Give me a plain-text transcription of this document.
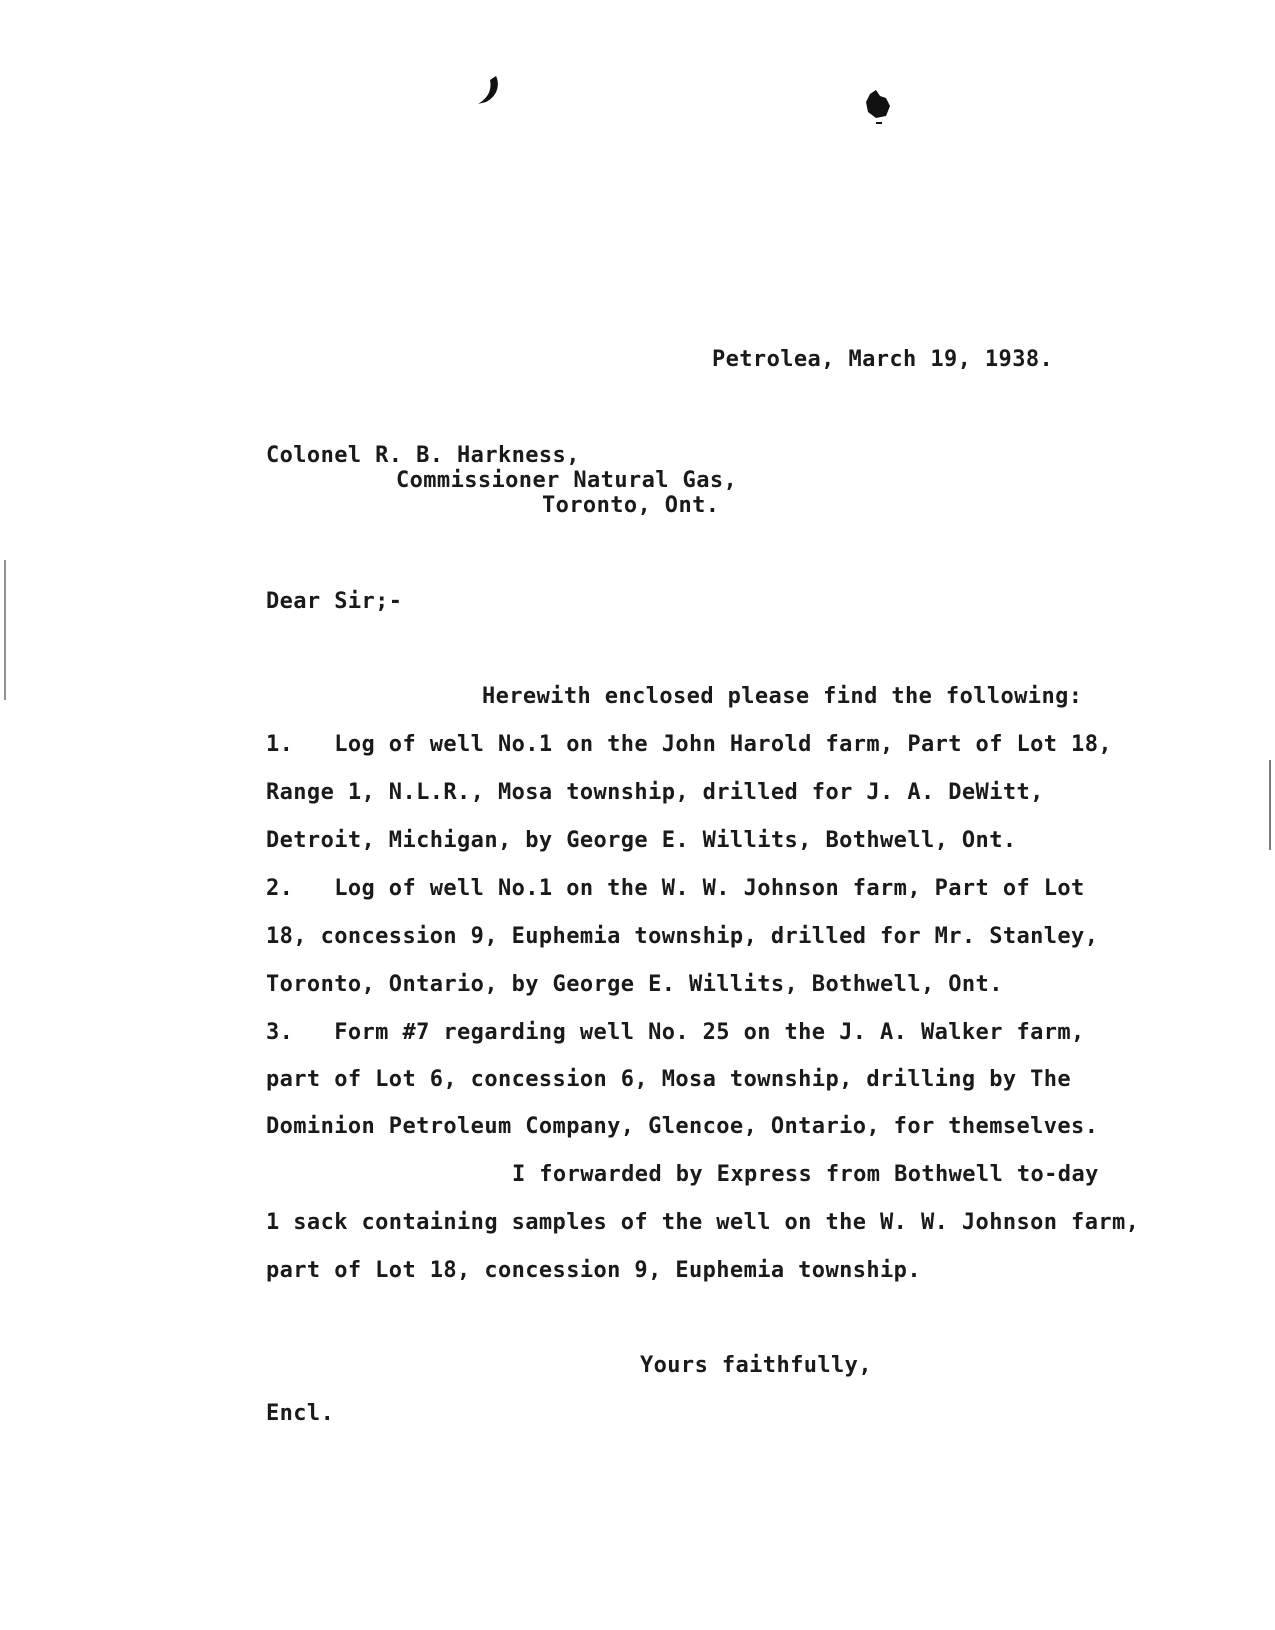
Petrolea, March 19, 1938.
Colonel R. B. Harkness,
Commissioner Natural Gas,
Toronto, Ont.
Dear Sir;-
Herewith enclosed please find the following:
1.   Log of well No.1 on the John Harold farm, Part of Lot 18,
Range 1, N.L.R., Mosa township, drilled for J. A. DeWitt,
Detroit, Michigan, by George E. Willits, Bothwell, Ont.
2.   Log of well No.1 on the W. W. Johnson farm, Part of Lot
18, concession 9, Euphemia township, drilled for Mr. Stanley,
Toronto, Ontario, by George E. Willits, Bothwell, Ont.
3.   Form #7 regarding well No. 25 on the J. A. Walker farm,
part of Lot 6, concession 6, Mosa township, drilling by The
Dominion Petroleum Company, Glencoe, Ontario, for themselves.
I forwarded by Express from Bothwell to-day
1 sack containing samples of the well on the W. W. Johnson farm,
part of Lot 18, concession 9, Euphemia township.
Yours faithfully,
Encl.
